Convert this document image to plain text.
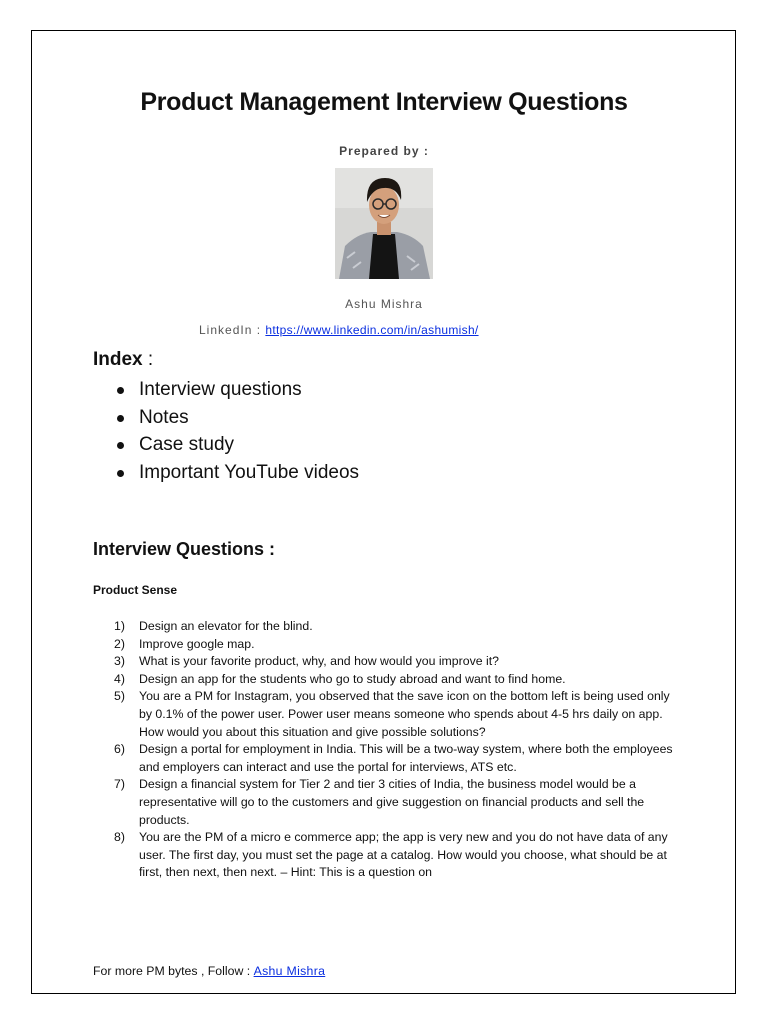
Product Management Interview Questions
Prepared by :
Ashu Mishra
LinkedIn : https://www.linkedin.com/in/ashumish/
Index :
Interview questions
Notes
Case study
Important YouTube videos
Interview Questions :
Product Sense
1) Design an elevator for the blind.
2) Improve google map.
3) What is your favorite product, why, and how would you improve it?
4) Design an app for the students who go to study abroad and want to find home.
5) You are a PM for Instagram, you observed that the save icon on the bottom left is being used only by 0.1% of the power user. Power user means someone who spends about 4-5 hrs daily on app. How would you about this situation and give possible solutions?
6) Design a portal for employment in India. This will be a two-way system, where both the employees and employers can interact and use the portal for interviews, ATS etc.
7) Design a financial system for Tier 2 and tier 3 cities of India, the business model would be a representative will go to the customers and give suggestion on financial products and sell the products.
8) You are the PM of a micro e commerce app; the app is very new and you do not have data of any user. The first day, you must set the page at a catalog. How would you choose, what should be at first, then next, then next. – Hint: This is a question on
For more PM bytes , Follow : Ashu Mishra
